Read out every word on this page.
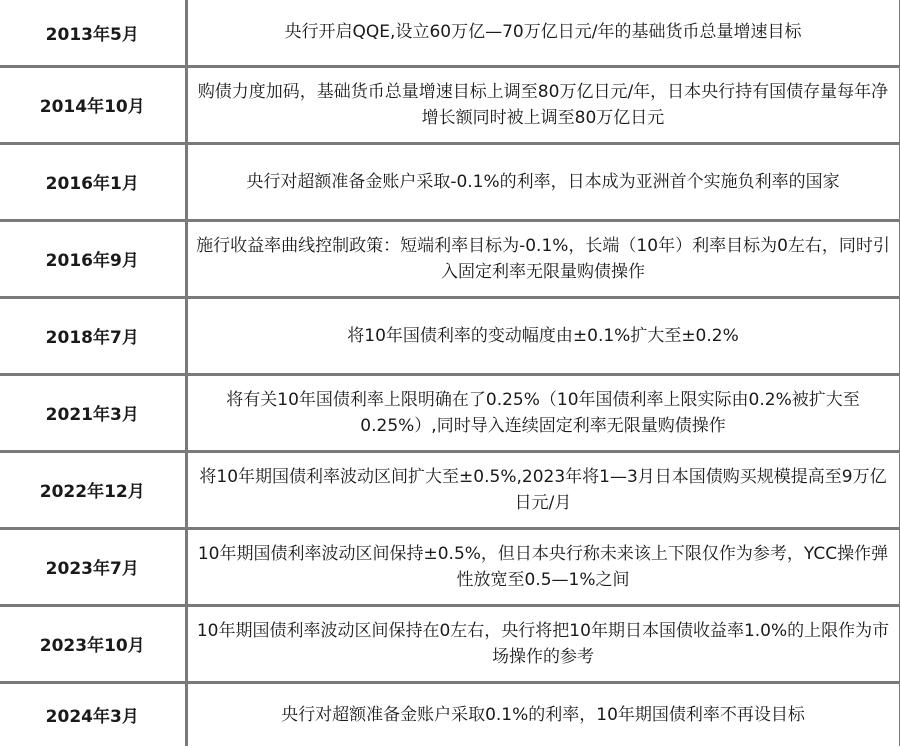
2013年5月	央行开启QQE,设立60万亿—70万亿日元/年的基础货币总量增速目标
2014年10月	购债力度加码，基础货币总量增速目标上调至80万亿日元/年，日本央行持有国债存量每年净增长额同时被上调至80万亿日元
2016年1月	央行对超额准备金账户采取-0.1%的利率，日本成为亚洲首个实施负利率的国家
2016年9月	施行收益率曲线控制政策：短端利率目标为-0.1%，长端（10年）利率目标为0左右，同时引入固定利率无限量购债操作
2018年7月	将10年国债利率的变动幅度由±0.1%扩大至±0.2%
2021年3月	将有关10年国债利率上限明确在了0.25%（10年国债利率上限实际由0.2%被扩大至0.25%）,同时导入连续固定利率无限量购债操作
2022年12月	将10年期国债利率波动区间扩大至±0.5%,2023年将1—3月日本国债购买规模提高至9万亿日元/月
2023年7月	10年期国债利率波动区间保持±0.5%，但日本央行称未来该上下限仅作为参考，YCC操作弹性放宽至0.5—1%之间
2023年10月	10年期国债利率波动区间保持在0左右，央行将把10年期日本国债收益率1.0%的上限作为市场操作的参考
2024年3月	央行对超额准备金账户采取0.1%的利率，10年期国债利率不再设目标
